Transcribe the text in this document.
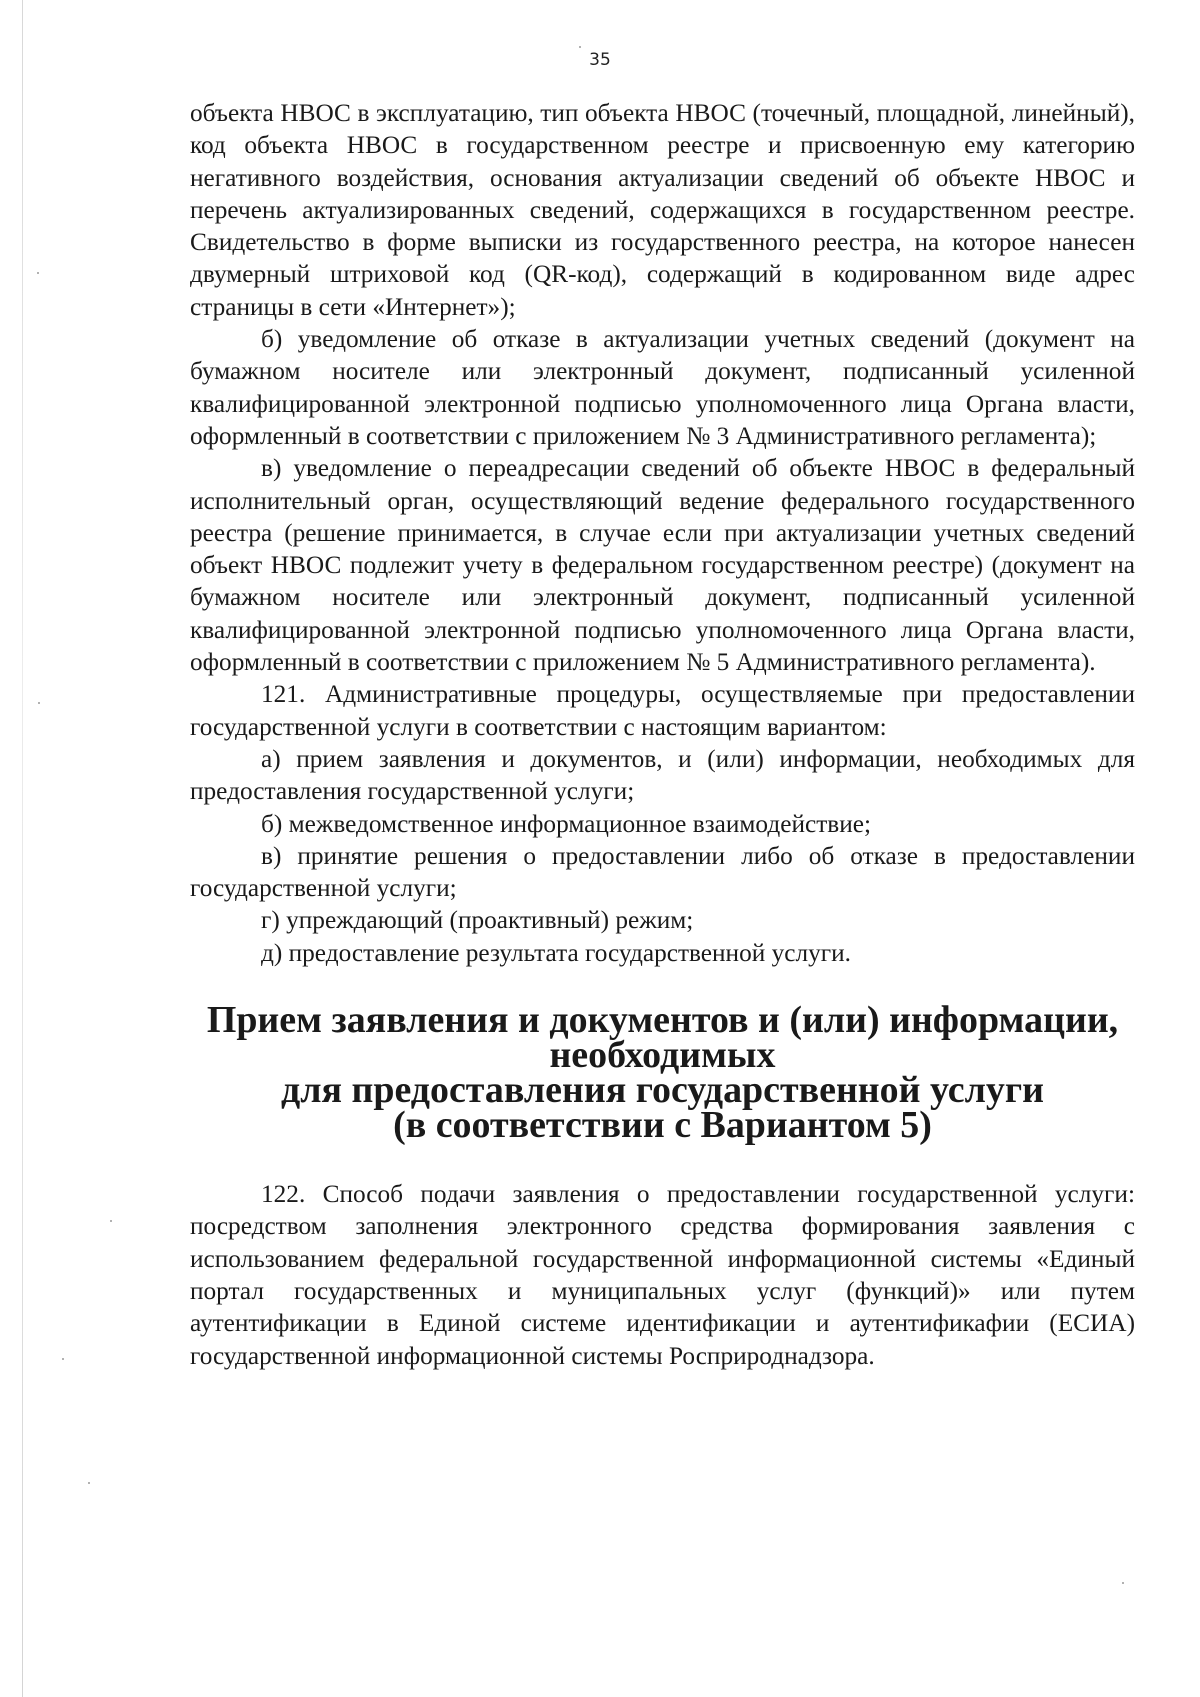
35

объекта НВОС в эксплуатацию, тип объекта НВОС (точечный, площадной, линейный), код объекта НВОС в государственном реестре и присвоенную ему категорию негативного воздействия, основания актуализации сведений об объекте НВОС и перечень актуализированных сведений, содержащихся в государственном реестре. Свидетельство в форме выписки из государственного реестра, на которое нанесен двумерный штриховой код (QR-код), содержащий в кодированном виде адрес страницы в сети «Интернет»);

б) уведомление об отказе в актуализации учетных сведений (документ на бумажном носителе или электронный документ, подписанный усиленной квалифицированной электронной подписью уполномоченного лица Органа власти, оформленный в соответствии с приложением № 3 Административного регламента);

в) уведомление о переадресации сведений об объекте НВОС в федеральный исполнительный орган, осуществляющий ведение федерального государственного реестра (решение принимается, в случае если при актуализации учетных сведений объект НВОС подлежит учету в федеральном государственном реестре) (документ на бумажном носителе или электронный документ, подписанный усиленной квалифицированной электронной подписью уполномоченного лица Органа власти, оформленный в соответствии с приложением № 5 Административного регламента).

121. Административные процедуры, осуществляемые при предоставлении государственной услуги в соответствии с настоящим вариантом:

а) прием заявления и документов, и (или) информации, необходимых для предоставления государственной услуги;

б) межведомственное информационное взаимодействие;

в) принятие решения о предоставлении либо об отказе в предоставлении государственной услуги;

г) упреждающий (проактивный) режим;

д) предоставление результата государственной услуги.

Прием заявления и документов и (или) информации, необходимых
для предоставления государственной услуги
(в соответствии с Вариантом 5)

122. Способ подачи заявления о предоставлении государственной услуги: посредством заполнения электронного средства формирования заявления с использованием федеральной государственной информационной системы «Единый портал государственных и муниципальных услуг (функций)» или путем аутентификации в Единой системе идентификации и аутентификафии (ЕСИА) государственной информационной системы Росприроднадзора.
